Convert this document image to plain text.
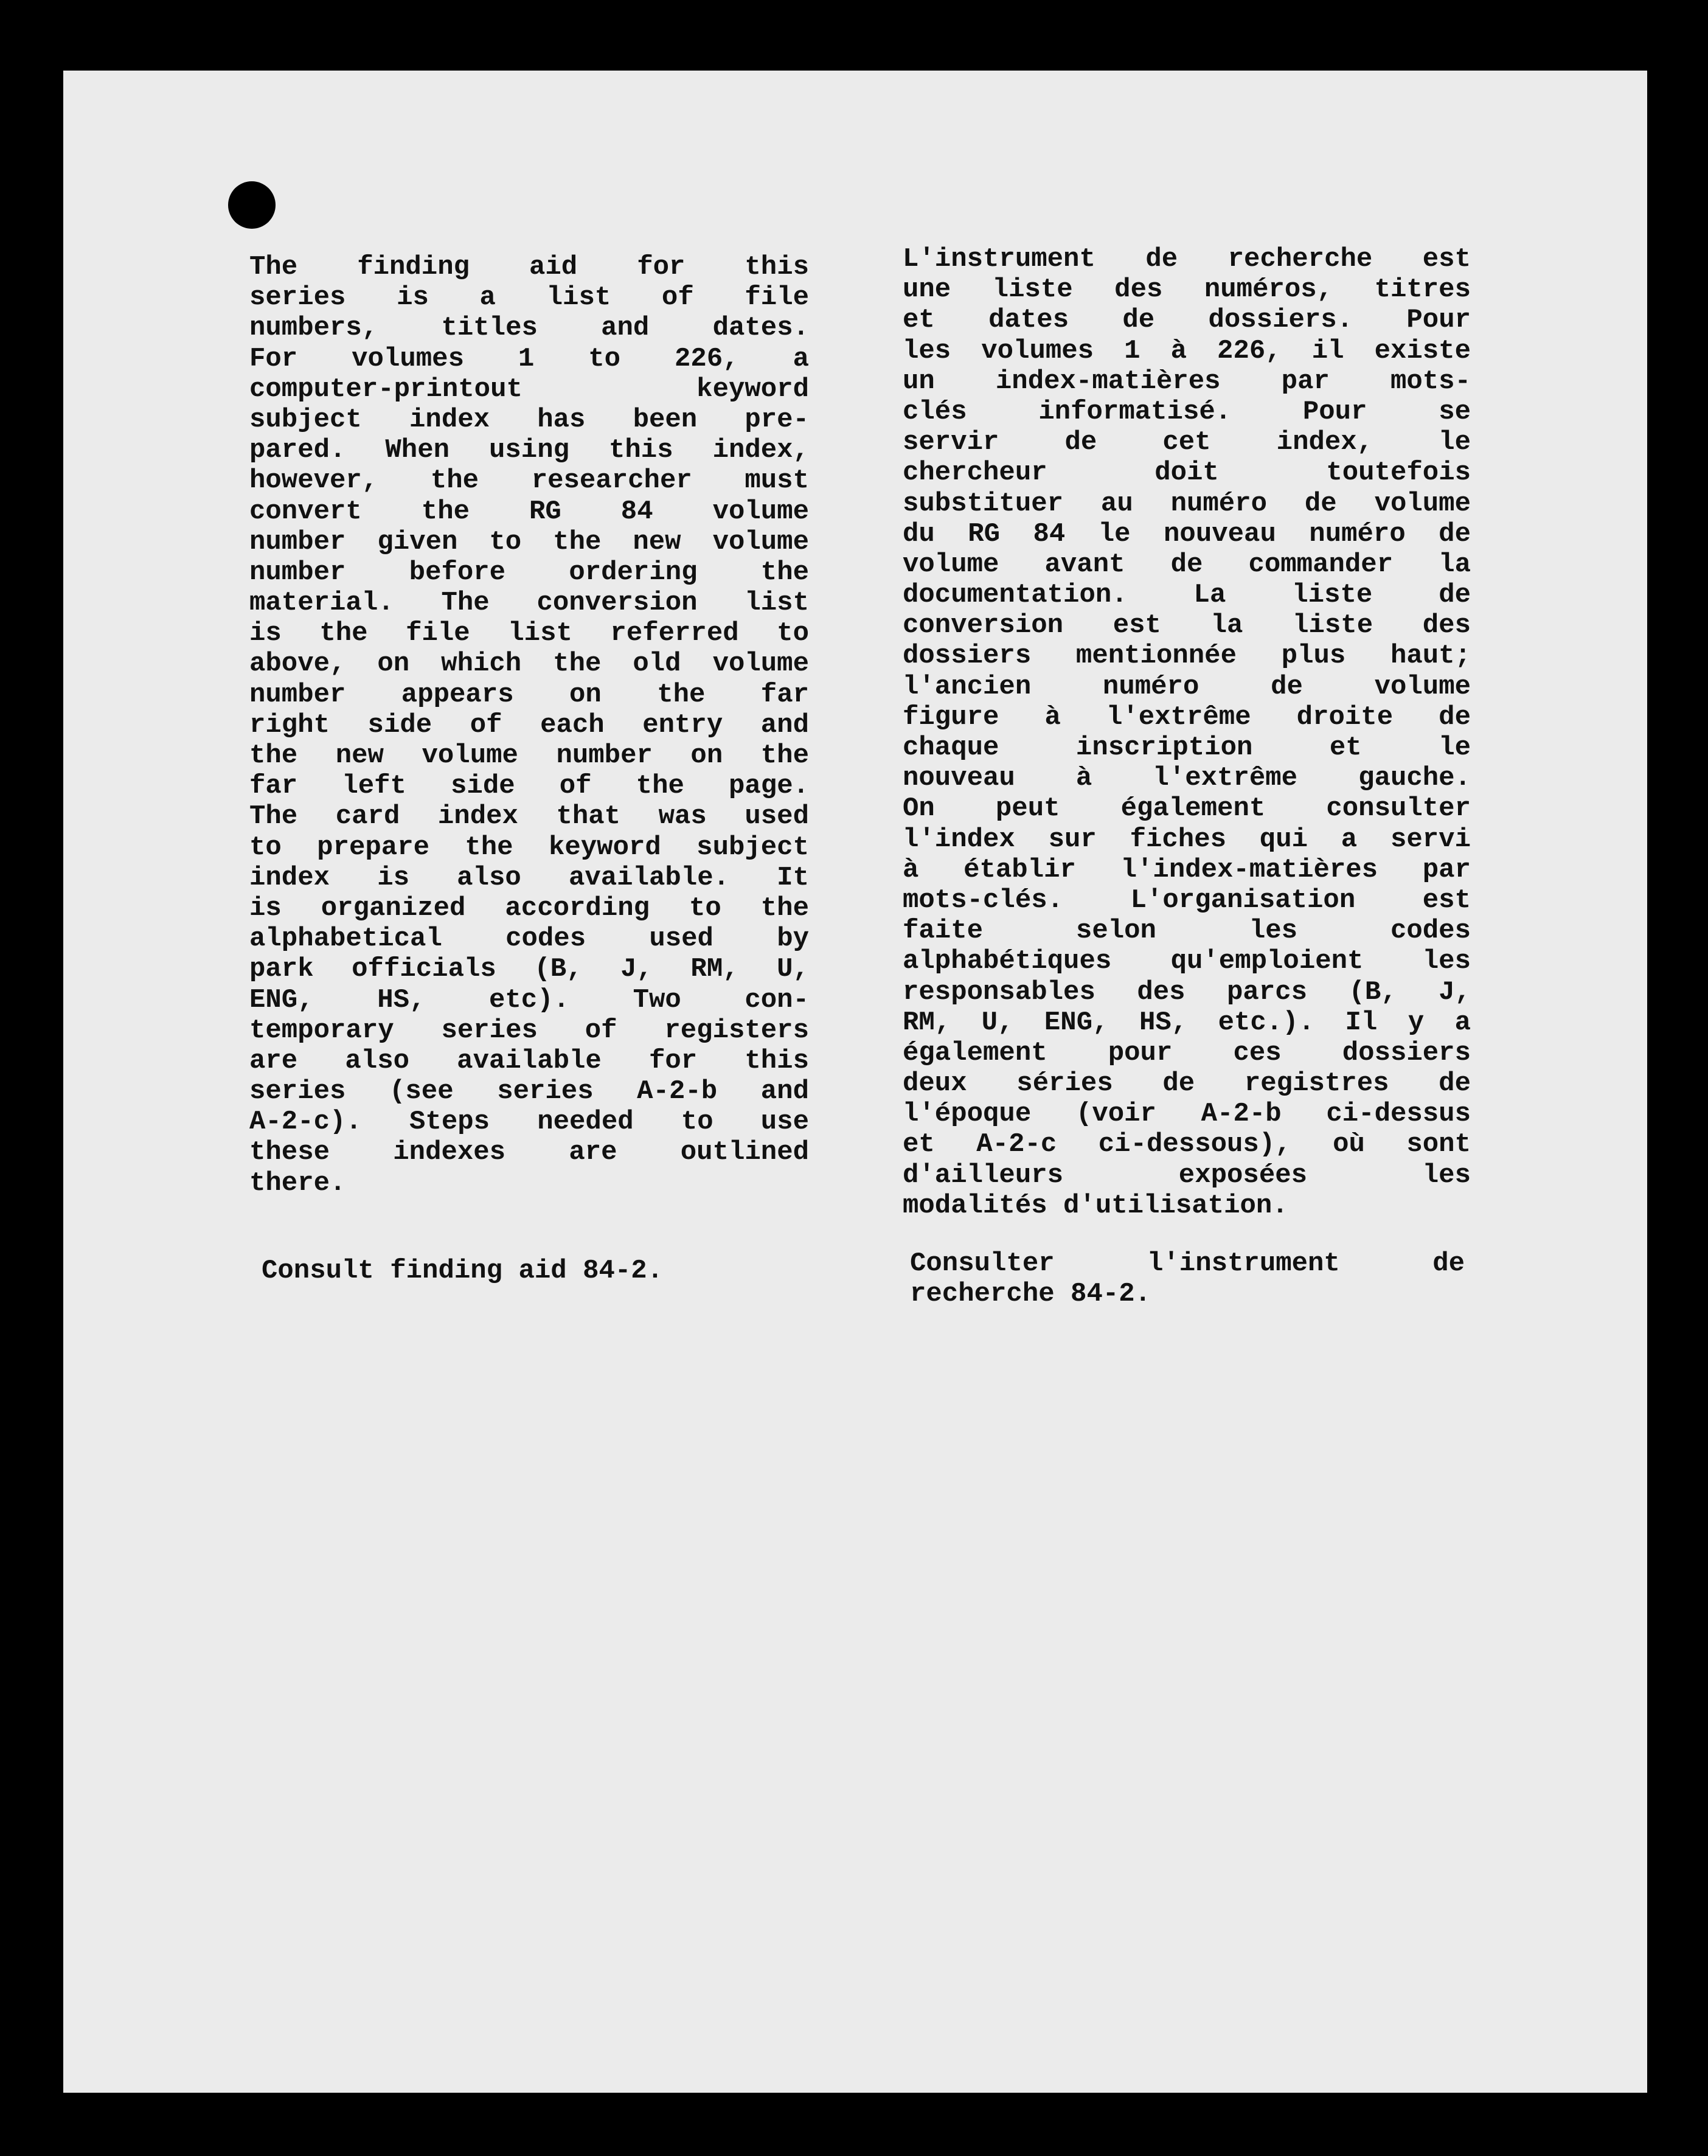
The finding aid for this
series is a list of file
numbers, titles and dates.
For volumes 1 to 226, a
computer-printout keyword
subject index has been pre-
pared. When using this index,
however, the researcher must
convert the RG 84 volume
number given to the new volume
number before ordering the
material. The conversion list
is the file list referred to
above, on which the old volume
number appears on the far
right side of each entry and
the new volume number on the
far left side of the page.
The card index that was used
to prepare the keyword subject
index is also available. It
is organized according to the
alphabetical codes used by
park officials (B, J, RM, U,
ENG, HS, etc). Two con-
temporary series of registers
are also available for this
series (see series A-2-b and
A-2-c). Steps needed to use
these indexes are outlined
there.
L'instrument de recherche est
une liste des numéros, titres
et dates de dossiers. Pour
les volumes 1 à 226, il existe
un index-matières par mots-
clés informatisé. Pour se
servir de cet index, le
chercheur doit toutefois
substituer au numéro de volume
du RG 84 le nouveau numéro de
volume avant de commander la
documentation. La liste de
conversion est la liste des
dossiers mentionnée plus haut;
l'ancien numéro de volume
figure à l'extrême droite de
chaque inscription et le
nouveau à l'extrême gauche.
On peut également consulter
l'index sur fiches qui a servi
à établir l'index-matières par
mots-clés. L'organisation est
faite selon les codes
alphabétiques qu'emploient les
responsables des parcs (B, J,
RM, U, ENG, HS, etc.). Il y a
également pour ces dossiers
deux séries de registres de
l'époque (voir A-2-b ci-dessus
et A-2-c ci-dessous), où sont
d'ailleurs exposées les
modalités d'utilisation.
Consult finding aid 84-2.	Consulter l'instrument de
recherche 84-2.
